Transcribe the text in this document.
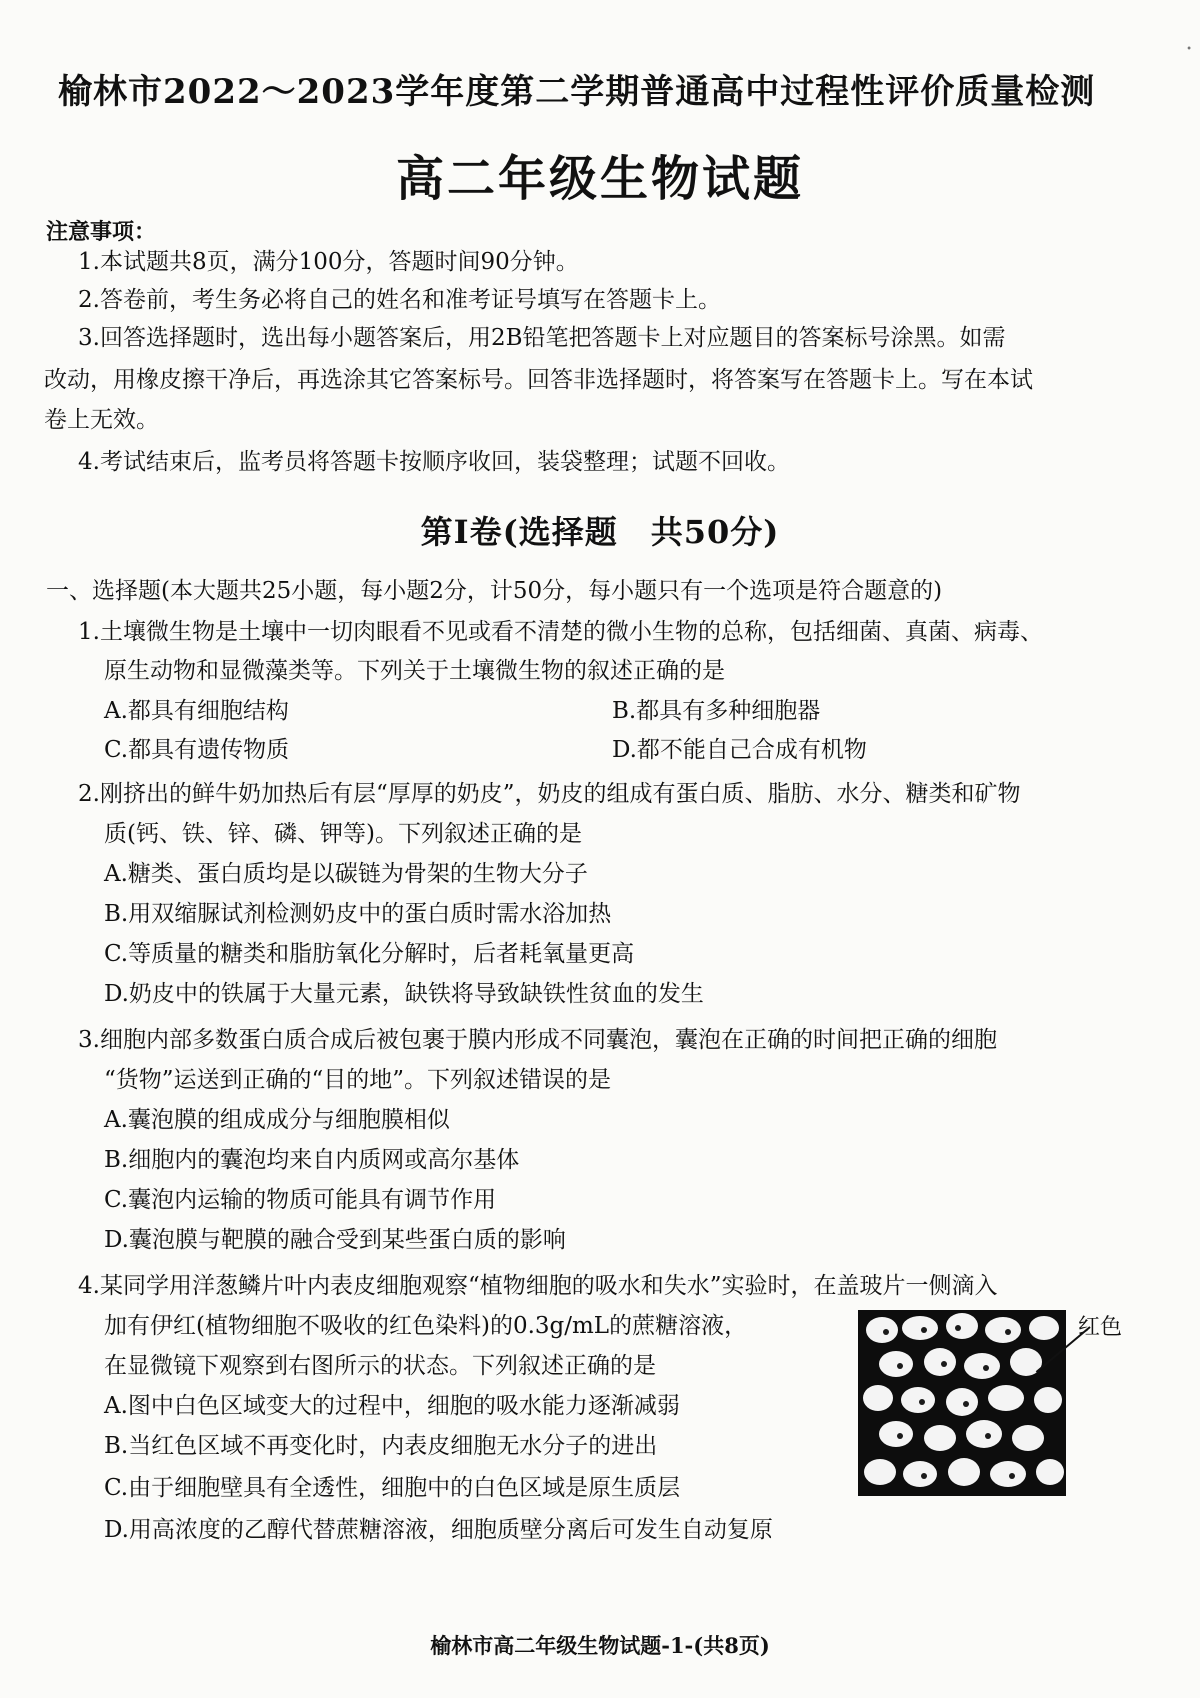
榆林市2022～2023学年度第二学期普通高中过程性评价质量检测
高二年级生物试题
•
注意事项：
1.本试题共8页，满分100分，答题时间90分钟。
2.答卷前，考生务必将自己的姓名和准考证号填写在答题卡上。
3.回答选择题时，选出每小题答案后，用2B铅笔把答题卡上对应题目的答案标号涂黑。如需
改动，用橡皮擦干净后，再选涂其它答案标号。回答非选择题时，将答案写在答题卡上。写在本试
卷上无效。
4.考试结束后，监考员将答题卡按顺序收回，装袋整理；试题不回收。
第Ⅰ卷(选择题　共50分)
一、选择题(本大题共25小题，每小题2分，计50分，每小题只有一个选项是符合题意的)
1.土壤微生物是土壤中一切肉眼看不见或看不清楚的微小生物的总称，包括细菌、真菌、病毒、
原生动物和显微藻类等。下列关于土壤微生物的叙述正确的是
A.都具有细胞结构	B.都具有多种细胞器
C.都具有遗传物质	D.都不能自己合成有机物
2.刚挤出的鲜牛奶加热后有层“厚厚的奶皮”，奶皮的组成有蛋白质、脂肪、水分、糖类和矿物
质(钙、铁、锌、磷、钾等)。下列叙述正确的是
A.糖类、蛋白质均是以碳链为骨架的生物大分子
B.用双缩脲试剂检测奶皮中的蛋白质时需水浴加热
C.等质量的糖类和脂肪氧化分解时，后者耗氧量更高
D.奶皮中的铁属于大量元素，缺铁将导致缺铁性贫血的发生
3.细胞内部多数蛋白质合成后被包裹于膜内形成不同囊泡，囊泡在正确的时间把正确的细胞
“货物”运送到正确的“目的地”。下列叙述错误的是
A.囊泡膜的组成成分与细胞膜相似
B.细胞内的囊泡均来自内质网或高尔基体
C.囊泡内运输的物质可能具有调节作用
D.囊泡膜与靶膜的融合受到某些蛋白质的影响
4.某同学用洋葱鳞片叶内表皮细胞观察“植物细胞的吸水和失水”实验时，在盖玻片一侧滴入
加有伊红(植物细胞不吸收的红色染料)的0.3g/mL的蔗糖溶液，
在显微镜下观察到右图所示的状态。下列叙述正确的是
A.图中白色区域变大的过程中，细胞的吸水能力逐渐减弱
B.当红色区域不再变化时，内表皮细胞无水分子的进出
C.由于细胞壁具有全透性，细胞中的白色区域是原生质层
D.用高浓度的乙醇代替蔗糖溶液，细胞质壁分离后可发生自动复原
红色
榆林市高二年级生物试题-1-(共8页)
